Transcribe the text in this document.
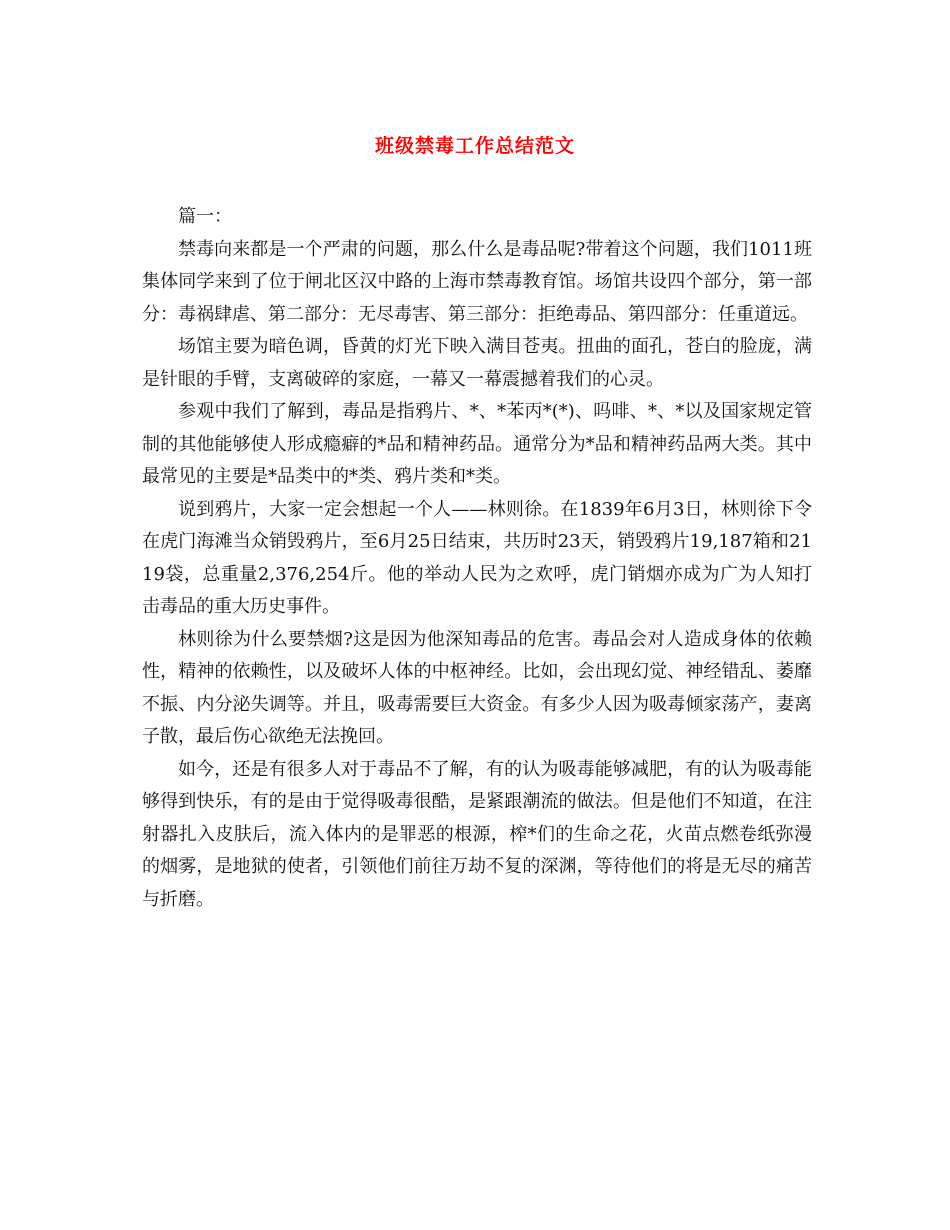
班级禁毒工作总结范文

篇一：

禁毒向来都是一个严肃的问题，那么什么是毒品呢?带着这个问题，我们1011班集体同学来到了位于闸北区汉中路的上海市禁毒教育馆。场馆共设四个部分，第一部分：毒祸肆虐、第二部分：无尽毒害、第三部分：拒绝毒品、第四部分：任重道远。

场馆主要为暗色调，昏黄的灯光下映入满目苍夷。扭曲的面孔，苍白的脸庞，满是针眼的手臂，支离破碎的家庭，一幕又一幕震撼着我们的心灵。

参观中我们了解到，毒品是指鸦片、*、*苯丙*(*)、吗啡、*、*以及国家规定管制的其他能够使人形成瘾癖的*品和精神药品。通常分为*品和精神药品两大类。其中最常见的主要是*品类中的*类、鸦片类和*类。

说到鸦片，大家一定会想起一个人——林则徐。在1839年6月3日，林则徐下令在虎门海滩当众销毁鸦片，至6月25日结束，共历时23天，销毁鸦片19,187箱和2119袋，总重量2,376,254斤。他的举动人民为之欢呼，虎门销烟亦成为广为人知打击毒品的重大历史事件。

林则徐为什么要禁烟?这是因为他深知毒品的危害。毒品会对人造成身体的依赖性，精神的依赖性，以及破坏人体的中枢神经。比如，会出现幻觉、神经错乱、萎靡不振、内分泌失调等。并且，吸毒需要巨大资金。有多少人因为吸毒倾家荡产，妻离子散，最后伤心欲绝无法挽回。

如今，还是有很多人对于毒品不了解，有的认为吸毒能够减肥，有的认为吸毒能够得到快乐，有的是由于觉得吸毒很酷，是紧跟潮流的做法。但是他们不知道，在注射器扎入皮肤后，流入体内的是罪恶的根源，榨*们的生命之花，火苗点燃卷纸弥漫的烟雾，是地狱的使者，引领他们前往万劫不复的深渊，等待他们的将是无尽的痛苦与折磨。
